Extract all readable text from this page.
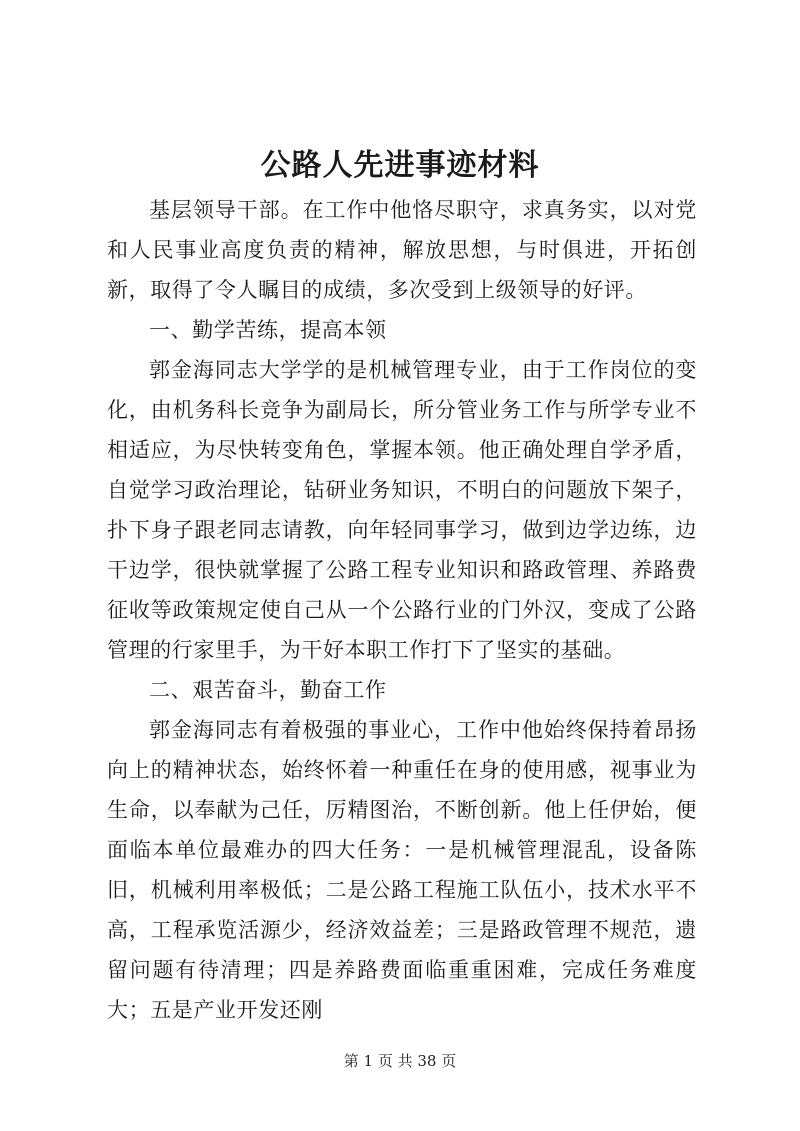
公路人先进事迹材料

基层领导干部。在工作中他恪尽职守，求真务实，以对党和人民事业高度负责的精神，解放思想，与时俱进，开拓创新，取得了令人瞩目的成绩，多次受到上级领导的好评。

一、勤学苦练，提高本领

郭金海同志大学学的是机械管理专业，由于工作岗位的变化，由机务科长竞争为副局长，所分管业务工作与所学专业不相适应，为尽快转变角色，掌握本领。他正确处理自学矛盾，自觉学习政治理论，钻研业务知识，不明白的问题放下架子，扑下身子跟老同志请教，向年轻同事学习，做到边学边练，边干边学，很快就掌握了公路工程专业知识和路政管理、养路费征收等政策规定使自己从一个公路行业的门外汉，变成了公路管理的行家里手，为干好本职工作打下了坚实的基础。

二、艰苦奋斗，勤奋工作

郭金海同志有着极强的事业心，工作中他始终保持着昂扬向上的精神状态，始终怀着一种重任在身的使用感，视事业为生命，以奉献为己任，厉精图治，不断创新。他上任伊始，便面临本单位最难办的四大任务：一是机械管理混乱，设备陈旧，机械利用率极低；二是公路工程施工队伍小，技术水平不高，工程承览活源少，经济效益差；三是路政管理不规范，遗留问题有待清理；四是养路费面临重重困难，完成任务难度大；五是产业开发还刚

第 1 页 共 38 页
